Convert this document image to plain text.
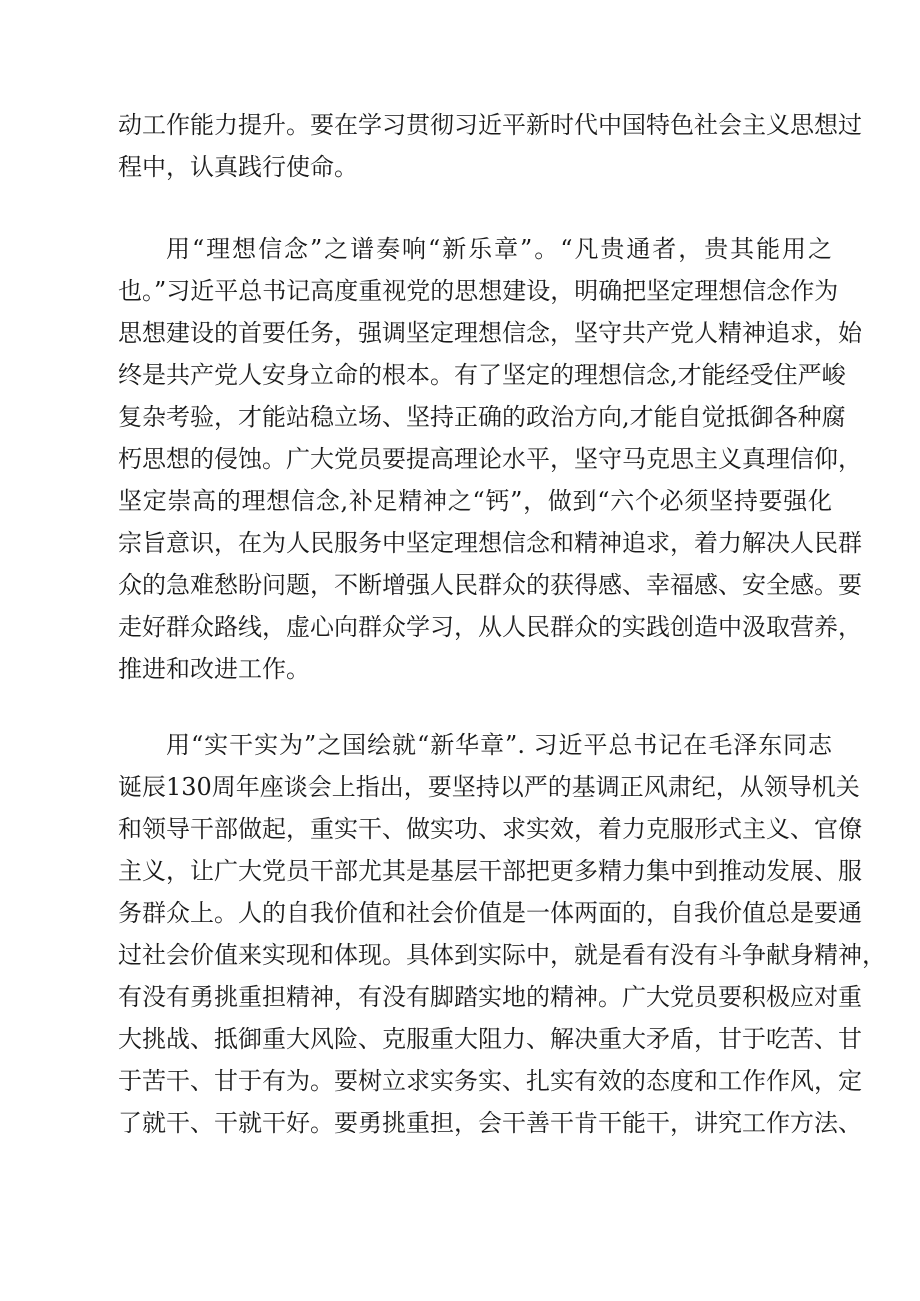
动工作能力提升。要在学习贯彻习近平新时代中国特色社会主义思想过

程中，认真践行使命。

用“理想信念”之谱奏响“新乐章”。“凡贵通者，贵其能用之

也。”习近平总书记高度重视党的思想建设，明确把坚定理想信念作为

思想建设的首要任务，强调坚定理想信念，坚守共产党人精神追求，始

终是共产党人安身立命的根本。有了坚定的理想信念,才能经受住严峻

复杂考验，才能站稳立场、坚持正确的政治方向,才能自觉抵御各种腐

朽思想的侵蚀。广大党员要提高理论水平，坚守马克思主义真理信仰，

坚定崇高的理想信念,补足精神之“钙”，做到“六个必须坚持要强化

宗旨意识，在为人民服务中坚定理想信念和精神追求，着力解决人民群

众的急难愁盼问题，不断增强人民群众的获得感、幸福感、安全感。要

走好群众路线，虚心向群众学习，从人民群众的实践创造中汲取营养，

推进和改进工作。

用“实干实为”之国绘就“新华章”. 习近平总书记在毛泽东同志

诞辰130周年座谈会上指出，要坚持以严的基调正风肃纪，从领导机关

和领导干部做起，重实干、做实功、求实效，着力克服形式主义、官僚

主义，让广大党员干部尤其是基层干部把更多精力集中到推动发展、服

务群众上。人的自我价值和社会价值是一体两面的，自我价值总是要通

过社会价值来实现和体现。具体到实际中，就是看有没有斗争献身精神，

有没有勇挑重担精神，有没有脚踏实地的精神。广大党员要积极应对重

大挑战、抵御重大风险、克服重大阻力、解决重大矛盾，甘于吃苦、甘

于苦干、甘于有为。要树立求实务实、扎实有效的态度和工作作风，定

了就干、干就干好。要勇挑重担，会干善干肯干能干，讲究工作方法、
